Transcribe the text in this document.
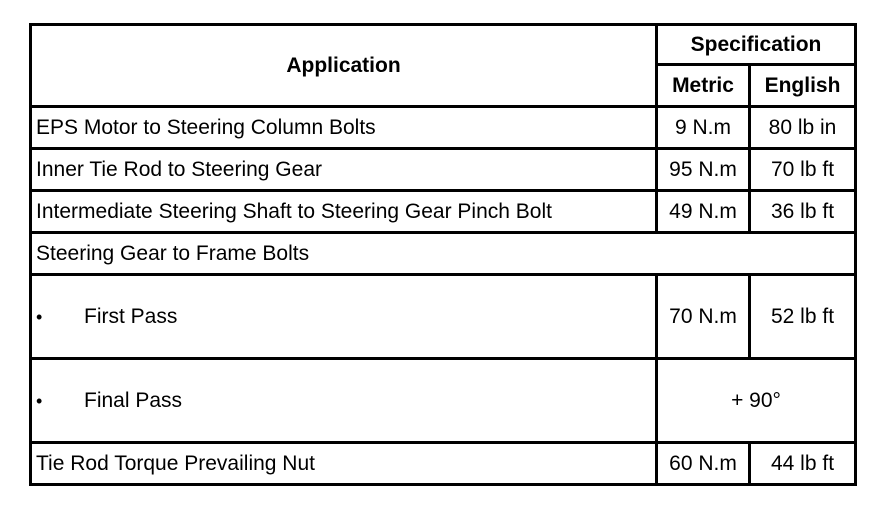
Application	Specification	
	Metric	English
EPS Motor to Steering Column Bolts	9 N.m	80 lb in
Inner Tie Rod to Steering Gear	95 N.m	70 lb ft
Intermediate Steering Shaft to Steering Gear Pinch Bolt	49 N.m	36 lb ft
Steering Gear to Frame Bolts		
• First Pass	70 N.m	52 lb ft
• Final Pass	+ 90°	
Tie Rod Torque Prevailing Nut	60 N.m	44 lb ft
